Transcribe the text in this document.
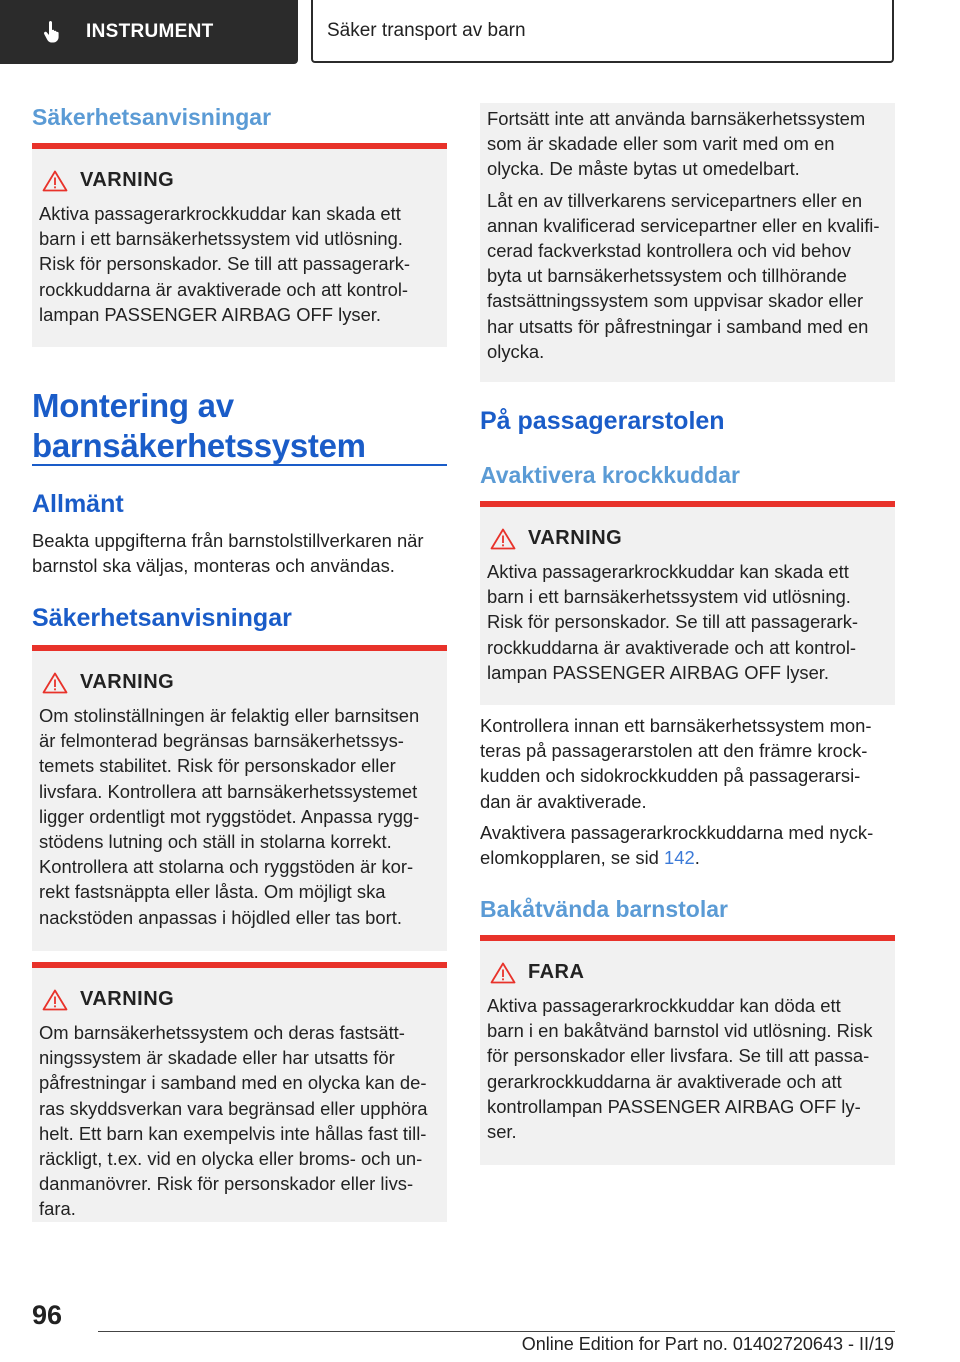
INSTRUMENT	Säker transport av barn
Säkerhetsanvisningar
VARNING

Aktiva passagerarkrockkuddar kan skada ett
barn i ett barnsäkerhetssystem vid utlösning.
Risk för personskador. Se till att passagerark-
rockkuddarna är avaktiverade och att kontrol-
lampan PASSENGER AIRBAG OFF lyser.

Montering av
barnsäkerhetssystem
Allmänt

Beakta uppgifterna från barnstolstillverkaren när
barnstol ska väljas, monteras och användas.

Säkerhetsanvisningar
VARNING

Om stolinställningen är felaktig eller barnsitsen
är felmonterad begränsas barnsäkerhetssys-
temets stabilitet. Risk för personskador eller
livsfara. Kontrollera att barnsäkerhetssystemet
ligger ordentligt mot ryggstödet. Anpassa rygg-
stödens lutning och ställ in stolarna korrekt.
Kontrollera att stolarna och ryggstöden är kor-
rekt fastsnäppta eller låsta. Om möjligt ska
nackstöden anpassas i höjdled eller tas bort.

VARNING

Om barnsäkerhetssystem och deras fastsätt-
ningssystem är skadade eller har utsatts för
påfrestningar i samband med en olycka kan de-
ras skyddsverkan vara begränsad eller upphöra
helt. Ett barn kan exempelvis inte hållas fast till-
räckligt, t.ex. vid en olycka eller broms- och un-
danmanövrer. Risk för personskador eller livs-
fara.

Fortsätt inte att använda barnsäkerhetssystem
som är skadade eller som varit med om en
olycka. De måste bytas ut omedelbart.

Låt en av tillverkarens servicepartners eller en
annan kvalificerad servicepartner eller en kvalifi-
cerad fackverkstad kontrollera och vid behov
byta ut barnsäkerhetssystem och tillhörande
fastsättningssystem som uppvisar skador eller
har utsatts för påfrestningar i samband med en
olycka.

På passagerarstolen
Avaktivera krockkuddar
VARNING

Aktiva passagerarkrockkuddar kan skada ett
barn i ett barnsäkerhetssystem vid utlösning.
Risk för personskador. Se till att passagerark-
rockkuddarna är avaktiverade och att kontrol-
lampan PASSENGER AIRBAG OFF lyser.

Kontrollera innan ett barnsäkerhetssystem mon-
teras på passagerarstolen att den främre krock-
kudden och sidokrockkudden på passagerarsi-
dan är avaktiverade.

Avaktivera passagerarkrockkuddarna med nyck-
elomkopplaren, se sid 142.

Bakåtvända barnstolar
FARA

Aktiva passagerarkrockkuddar kan döda ett
barn i en bakåtvänd barnstol vid utlösning. Risk
för personskador eller livsfara. Se till att passa-
gerarkrockkuddarna är avaktiverade och att
kontrollampan PASSENGER AIRBAG OFF ly-
ser.

96
Online Edition for Part no. 01402720643 - II/19
